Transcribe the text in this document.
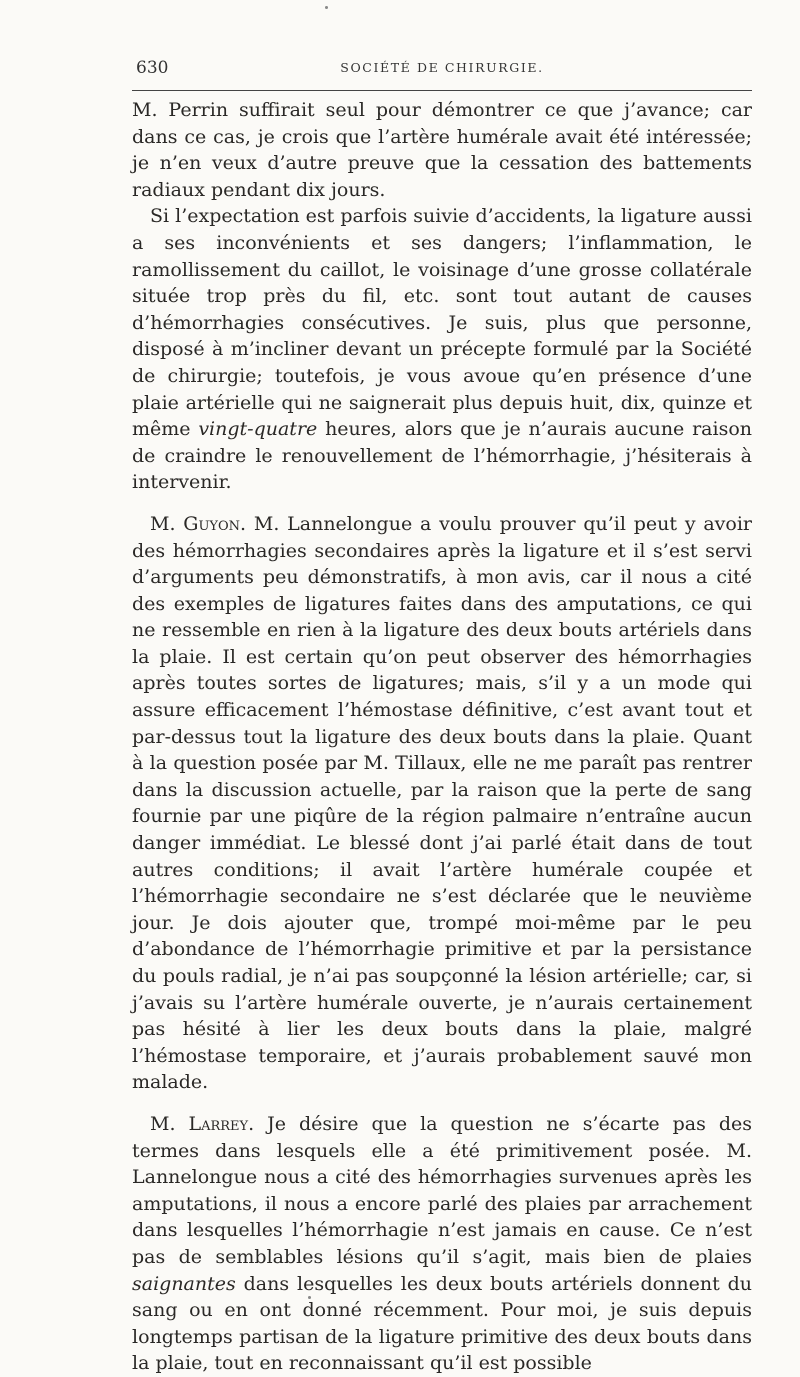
630	SOCIÉTÉ DE CHIRURGIE.

M. Perrin suffirait seul pour démontrer ce que j’avance; car dans ce cas, je crois que l’artère humérale avait été intéressée; je n’en veux d’autre preuve que la cessation des battements radiaux pendant dix jours.

Si l’expectation est parfois suivie d’accidents, la ligature aussi a ses inconvénients et ses dangers; l’inflammation, le ramollissement du caillot, le voisinage d’une grosse collatérale située trop près du fil, etc. sont tout autant de causes d’hémorrhagies consécutives. Je suis, plus que personne, disposé à m’incliner devant un précepte formulé par la Société de chirurgie; toutefois, je vous avoue qu’en présence d’une plaie artérielle qui ne saignerait plus depuis huit, dix, quinze et même vingt-quatre heures, alors que je n’aurais aucune raison de craindre le renouvellement de l’hémorrhagie, j’hésiterais à intervenir.

M. Guyon. M. Lannelongue a voulu prouver qu’il peut y avoir des hémorrhagies secondaires après la ligature et il s’est servi d’arguments peu démonstratifs, à mon avis, car il nous a cité des exemples de ligatures faites dans des amputations, ce qui ne ressemble en rien à la ligature des deux bouts artériels dans la plaie. Il est certain qu’on peut observer des hémorrhagies après toutes sortes de ligatures; mais, s’il y a un mode qui assure efficacement l’hémostase définitive, c’est avant tout et par-dessus tout la ligature des deux bouts dans la plaie. Quant à la question posée par M. Tillaux, elle ne me paraît pas rentrer dans la discussion actuelle, par la raison que la perte de sang fournie par une piqûre de la région palmaire n’entraîne aucun danger immédiat. Le blessé dont j’ai parlé était dans de tout autres conditions; il avait l’artère humérale coupée et l’hémorrhagie secondaire ne s’est déclarée que le neuvième jour. Je dois ajouter que, trompé moi-même par le peu d’abondance de l’hémorrhagie primitive et par la persistance du pouls radial, je n’ai pas soupçonné la lésion artérielle; car, si j’avais su l’artère humérale ouverte, je n’aurais certainement pas hésité à lier les deux bouts dans la plaie, malgré l’hémostase temporaire, et j’aurais probablement sauvé mon malade.

M. Larrey. Je désire que la question ne s’écarte pas des termes dans lesquels elle a été primitivement posée. M. Lannelongue nous a cité des hémorrhagies survenues après les amputations, il nous a encore parlé des plaies par arrachement dans lesquelles l’hémorrhagie n’est jamais en cause. Ce n’est pas de semblables lésions qu’il s’agit, mais bien de plaies saignantes dans lesquelles les deux bouts artériels donnent du sang ou en ont donné récemment. Pour moi, je suis depuis longtemps partisan de la ligature primitive des deux bouts dans la plaie, tout en reconnaissant qu’il est possible
